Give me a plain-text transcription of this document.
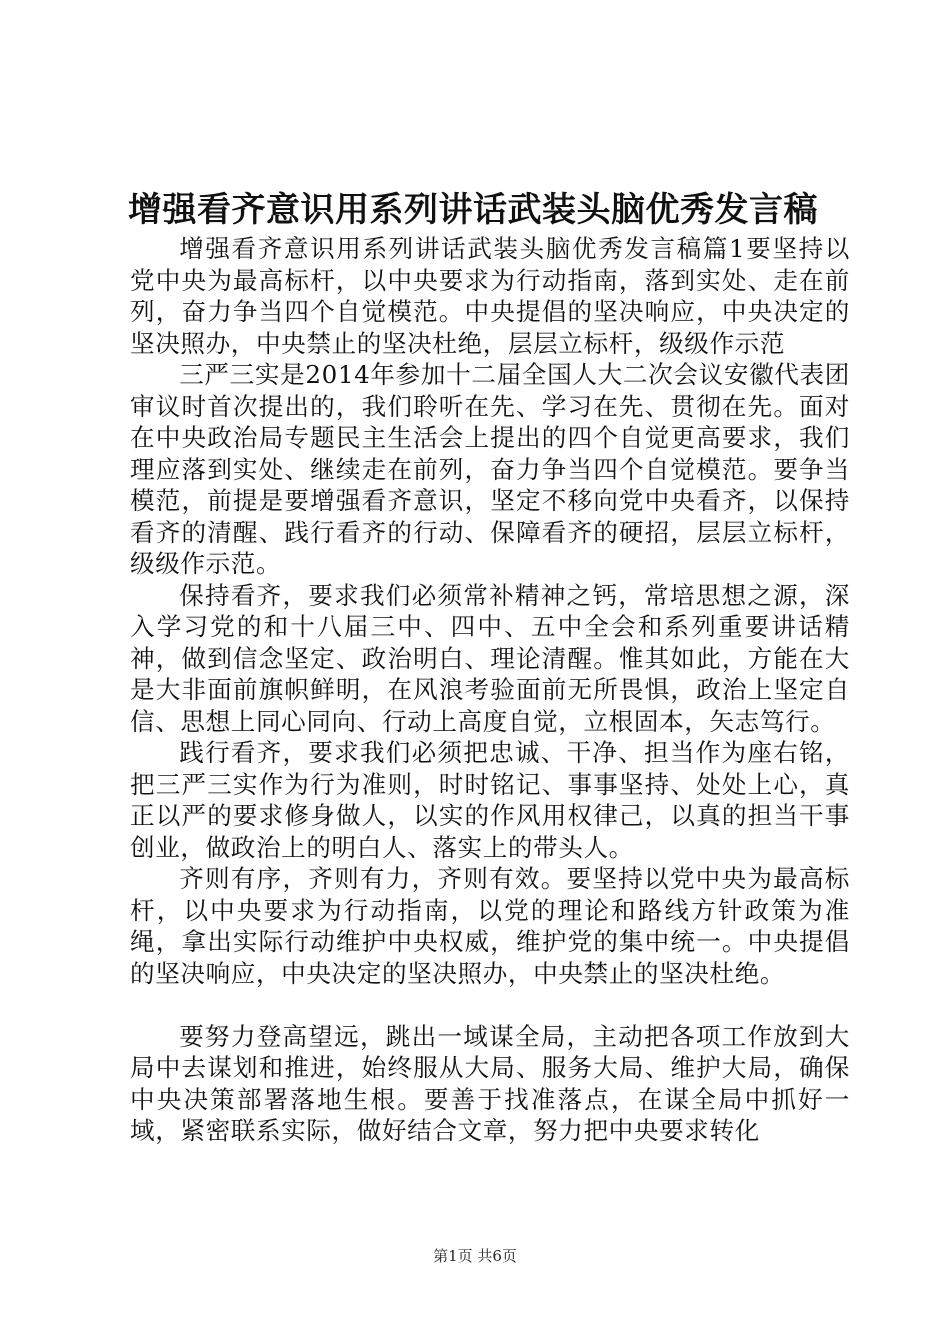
增强看齐意识用系列讲话武装头脑优秀发言稿

增强看齐意识用系列讲话武装头脑优秀发言稿篇1要坚持以党中央为最高标杆，以中央要求为行动指南，落到实处、走在前列，奋力争当四个自觉模范。中央提倡的坚决响应，中央决定的坚决照办，中央禁止的坚决杜绝，层层立标杆，级级作示范

三严三实是2014年参加十二届全国人大二次会议安徽代表团审议时首次提出的，我们聆听在先、学习在先、贯彻在先。面对在中央政治局专题民主生活会上提出的四个自觉更高要求，我们理应落到实处、继续走在前列，奋力争当四个自觉模范。要争当模范，前提是要增强看齐意识，坚定不移向党中央看齐，以保持看齐的清醒、践行看齐的行动、保障看齐的硬招，层层立标杆，级级作示范。

保持看齐，要求我们必须常补精神之钙，常培思想之源，深入学习党的和十八届三中、四中、五中全会和系列重要讲话精神，做到信念坚定、政治明白、理论清醒。惟其如此，方能在大是大非面前旗帜鲜明，在风浪考验面前无所畏惧，政治上坚定自信、思想上同心同向、行动上高度自觉，立根固本，矢志笃行。

践行看齐，要求我们必须把忠诚、干净、担当作为座右铭，把三严三实作为行为准则，时时铭记、事事坚持、处处上心，真正以严的要求修身做人，以实的作风用权律己，以真的担当干事创业，做政治上的明白人、落实上的带头人。

齐则有序，齐则有力，齐则有效。要坚持以党中央为最高标杆，以中央要求为行动指南，以党的理论和路线方针政策为准绳，拿出实际行动维护中央权威，维护党的集中统一。中央提倡的坚决响应，中央决定的坚决照办，中央禁止的坚决杜绝。

要努力登高望远，跳出一域谋全局，主动把各项工作放到大局中去谋划和推进，始终服从大局、服务大局、维护大局，确保中央决策部署落地生根。要善于找准落点，在谋全局中抓好一域，紧密联系实际，做好结合文章，努力把中央要求转化

第1页 共6页
